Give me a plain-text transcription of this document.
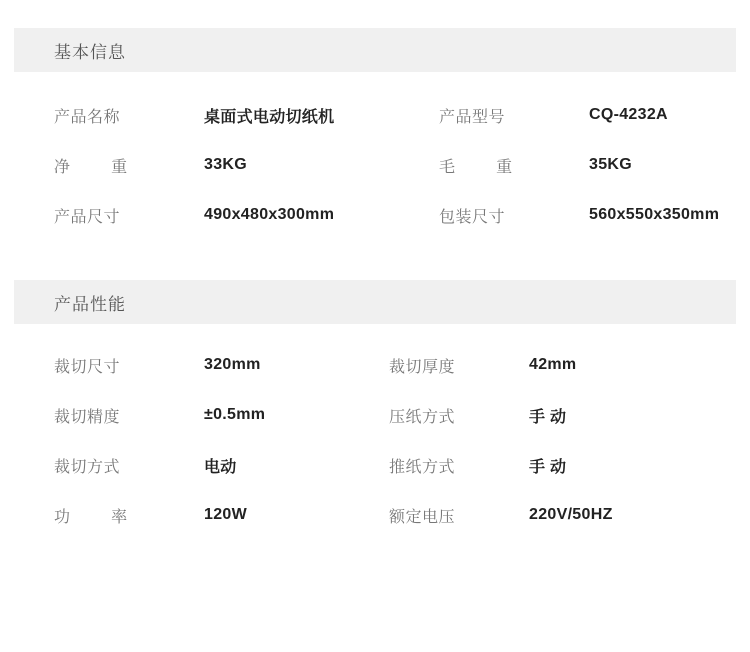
基本信息
产品名称	桌面式电动切纸机	产品型号	CQ-4232A
净重	33KG	毛重	35KG
产品尺寸	490x480x300mm	包装尺寸	560x550x350mm
产品性能
裁切尺寸	320mm	裁切厚度	42mm
裁切精度	±0.5mm	压纸方式	手 动
裁切方式	电动	推纸方式	手 动
功率	120W	额定电压	220V/50HZ
